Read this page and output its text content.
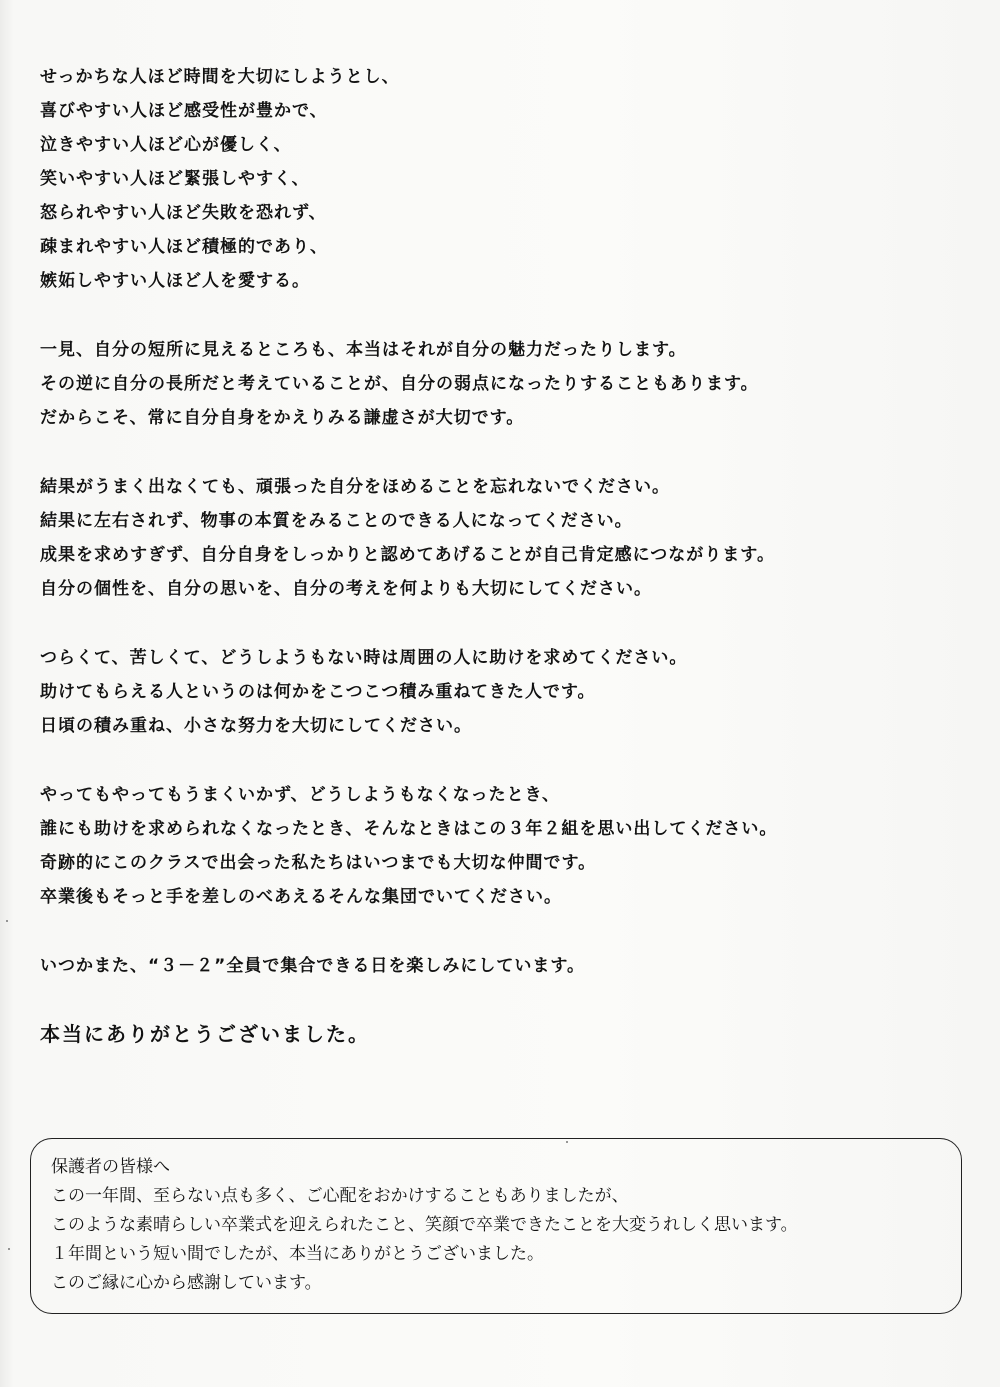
せっかちな人ほど時間を大切にしようとし、
喜びやすい人ほど感受性が豊かで、
泣きやすい人ほど心が優しく、
笑いやすい人ほど緊張しやすく、
怒られやすい人ほど失敗を恐れず、
疎まれやすい人ほど積極的であり、
嫉妬しやすい人ほど人を愛する。
一見、自分の短所に見えるところも、本当はそれが自分の魅力だったりします。
その逆に自分の長所だと考えていることが、自分の弱点になったりすることもあります。
だからこそ、常に自分自身をかえりみる謙虚さが大切です。
結果がうまく出なくても、頑張った自分をほめることを忘れないでください。
結果に左右されず、物事の本質をみることのできる人になってください。
成果を求めすぎず、自分自身をしっかりと認めてあげることが自己肯定感につながります。
自分の個性を、自分の思いを、自分の考えを何よりも大切にしてください。
つらくて、苦しくて、どうしようもない時は周囲の人に助けを求めてください。
助けてもらえる人というのは何かをこつこつ積み重ねてきた人です。
日頃の積み重ね、小さな努力を大切にしてください。
やってもやってもうまくいかず、どうしようもなくなったとき、
誰にも助けを求められなくなったとき、そんなときはこの３年２組を思い出してください。
奇跡的にこのクラスで出会った私たちはいつまでも大切な仲間です。
卒業後もそっと手を差しのべあえるそんな集団でいてください。
いつかまた、“３－２”全員で集合できる日を楽しみにしています。
本当にありがとうございました。
保護者の皆様へ
この一年間、至らない点も多く、ご心配をおかけすることもありましたが、
このような素晴らしい卒業式を迎えられたこと、笑顔で卒業できたことを大変うれしく思います。
１年間という短い間でしたが、本当にありがとうございました。
このご縁に心から感謝しています。
